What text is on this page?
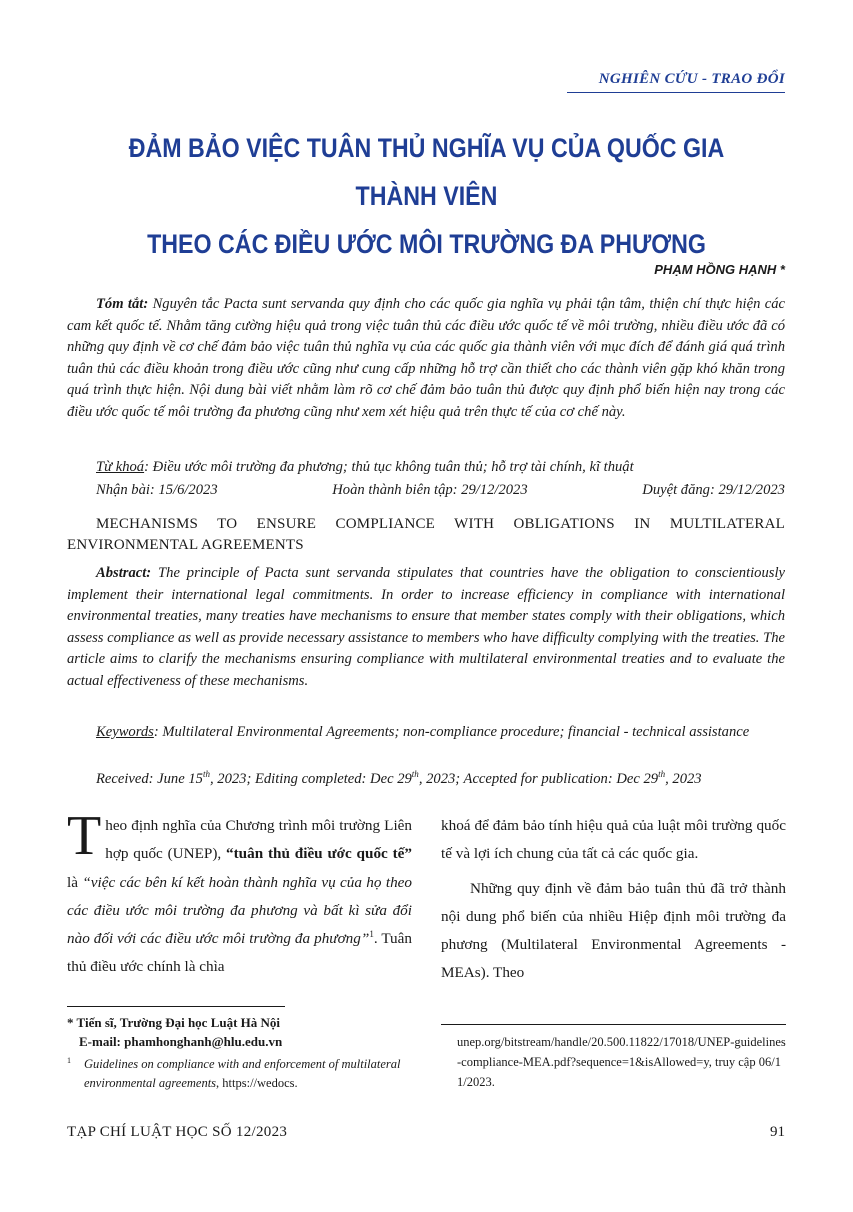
NGHIÊN CỨU - TRAO ĐỔI
ĐẢM BẢO VIỆC TUÂN THỦ NGHĨA VỤ CỦA QUỐC GIA THÀNH VIÊN
THEO CÁC ĐIỀU ƯỚC MÔI TRƯỜNG ĐA PHƯƠNG
PHẠM HỒNG HẠNH *
Tóm tắt: Nguyên tắc Pacta sunt servanda quy định cho các quốc gia nghĩa vụ phải tận tâm, thiện chí thực hiện các cam kết quốc tế. Nhằm tăng cường hiệu quả trong việc tuân thủ các điều ước quốc tế về môi trường, nhiều điều ước đã có những quy định về cơ chế đảm bảo việc tuân thủ nghĩa vụ của các quốc gia thành viên với mục đích để đánh giá quá trình tuân thủ các điều khoản trong điều ước cũng như cung cấp những hỗ trợ cần thiết cho các thành viên gặp khó khăn trong quá trình thực hiện. Nội dung bài viết nhằm làm rõ cơ chế đảm bảo tuân thủ được quy định phổ biến hiện nay trong các điều ước quốc tế môi trường đa phương cũng như xem xét hiệu quả trên thực tế của cơ chế này.
Từ khoá: Điều ước môi trường đa phương; thủ tục không tuân thủ; hỗ trợ tài chính, kĩ thuật
Nhận bài: 15/6/2023	Hoàn thành biên tập: 29/12/2023	Duyệt đăng: 29/12/2023
MECHANISMS TO ENSURE COMPLIANCE WITH OBLIGATIONS IN MULTILATERAL ENVIRONMENTAL AGREEMENTS
Abstract: The principle of Pacta sunt servanda stipulates that countries have the obligation to conscientiously implement their international legal commitments. In order to increase efficiency in compliance with international environmental treaties, many treaties have mechanisms to ensure that member states comply with their obligations, which assess compliance as well as provide necessary assistance to members who have difficulty complying with the treaties. The article aims to clarify the mechanisms ensuring compliance with multilateral environmental treaties and to evaluate the actual effectiveness of these mechanisms.
Keywords: Multilateral Environmental Agreements; non-compliance procedure; financial - technical assistance
Received: June 15th, 2023; Editing completed: Dec 29th, 2023; Accepted for publication: Dec 29th, 2023
Theo định nghĩa của Chương trình môi trường Liên hợp quốc (UNEP), “tuân thủ điều ước quốc tế” là “việc các bên kí kết hoàn thành nghĩa vụ của họ theo các điều ước môi trường đa phương và bất kì sửa đổi nào đối với các điều ước môi trường đa phương”$^1$. Tuân thủ điều ước chính là chìa
khoá để đảm bảo tính hiệu quả của luật môi trường quốc tế và lợi ích chung của tất cả các quốc gia.
Những quy định về đảm bảo tuân thủ đã trở thành nội dung phổ biến của nhiều Hiệp định môi trường đa phương (Multilateral Environmental Agreements - MEAs). Theo
* Tiến sĩ, Trường Đại học Luật Hà Nội
E-mail: phamhonghanh@hlu.edu.vn
1	Guidelines on compliance with and enforcement of multilateral environmental agreements, https://wedocs.
unep.org/bitstream/handle/20.500.11822/17018/UNEP-guidelines-compliance-MEA.pdf?sequence=1&isAllowed=y, truy cập 06/11/2023.
TẠP CHÍ LUẬT HỌC SỐ 12/2023	91
